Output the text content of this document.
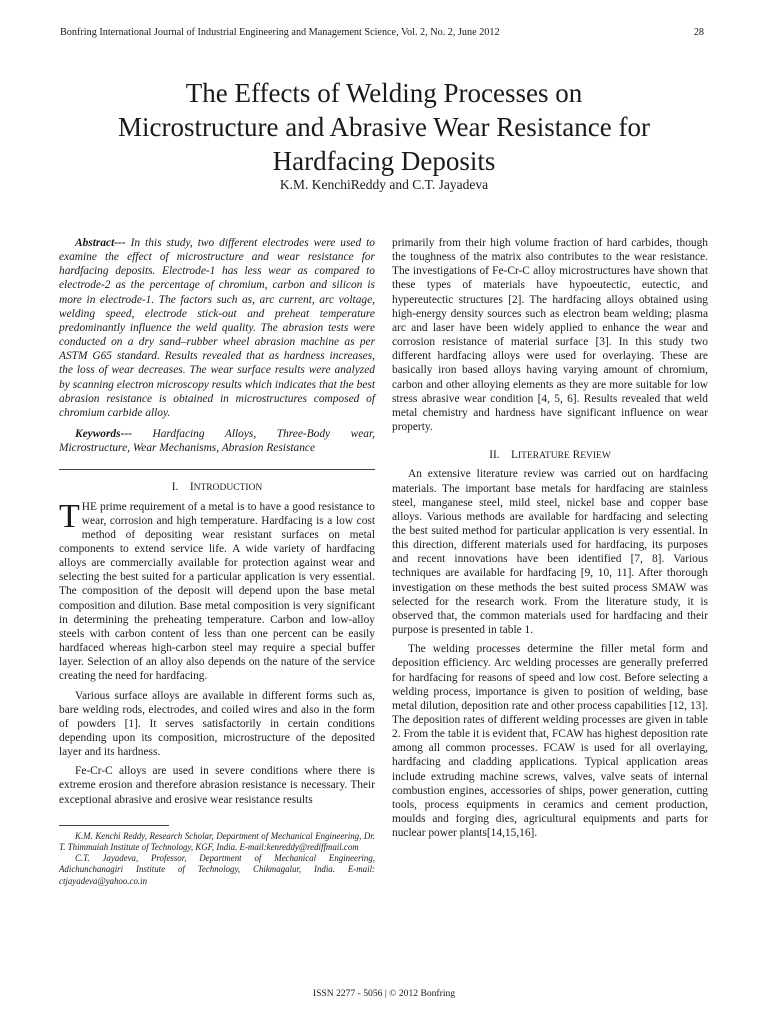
Bonfring International Journal of Industrial Engineering and Management Science, Vol. 2, No. 2, June 2012	28
The Effects of Welding Processes on
Microstructure and Abrasive Wear Resistance for
Hardfacing Deposits
K.M. KenchiReddy and C.T. Jayadeva

Abstract--- In this study, two different electrodes were used to examine the effect of microstructure and wear resistance for hardfacing deposits. Electrode-1 has less wear as compared to electrode-2 as the percentage of chromium, carbon and silicon is more in electrode-1. The factors such as, arc current, arc voltage, welding speed, electrode stick-out and preheat temperature predominantly influence the weld quality. The abrasion tests were conducted on a dry sand–rubber wheel abrasion machine as per ASTM G65 standard. Results revealed that as hardness increases, the loss of wear decreases. The wear surface results were analyzed by scanning electron microscopy results which indicates that the best abrasion resistance is obtained in microstructures composed of chromium carbide alloy.

Keywords--- Hardfacing Alloys, Three-Body wear, Microstructure, Wear Mechanisms, Abrasion Resistance

I. INTRODUCTION

THE prime requirement of a metal is to have a good resistance to wear, corrosion and high temperature. Hardfacing is a low cost method of depositing wear resistant surfaces on metal components to extend service life. A wide variety of hardfacing alloys are commercially available for protection against wear and selecting the best suited for a particular application is very essential. The composition of the deposit will depend upon the base metal composition and dilution. Base metal composition is very significant in determining the preheating temperature. Carbon and low-alloy steels with carbon content of less than one percent can be easily hardfaced whereas high-carbon steel may require a special buffer layer. Selection of an alloy also depends on the nature of the service creating the need for hardfacing.

Various surface alloys are available in different forms such as, bare welding rods, electrodes, and coiled wires and also in the form of powders [1]. It serves satisfactorily in certain conditions depending upon its composition, microstructure of the deposited layer and its hardness.

Fe-Cr-C alloys are used in severe conditions where there is extreme erosion and therefore abrasion resistance is necessary. Their exceptional abrasive and erosive wear resistance results

K.M. Kenchi Reddy, Research Scholar, Department of Mechanical Engineering, Dr. T. Thimmaiah Institute of Technology, KGF, India. E-mail:kenreddy@rediffmail.com

C.T. Jayadeva, Professor, Department of Mechanical Engineering, Adichunchanagiri Institute of Technology, Chikmagalur, India. E-mail: ctjayadeva@yahoo.co.in

primarily from their high volume fraction of hard carbides, though the toughness of the matrix also contributes to the wear resistance. The investigations of Fe-Cr-C alloy microstructures have shown that these types of materials have hypoeutectic, eutectic, and hypereutectic structures [2]. The hardfacing alloys obtained using high-energy density sources such as electron beam welding; plasma arc and laser have been widely applied to enhance the wear and corrosion resistance of material surface [3]. In this study two different hardfacing alloys were used for overlaying. These are basically iron based alloys having varying amount of chromium, carbon and other alloying elements as they are more suitable for low stress abrasive wear condition [4, 5, 6]. Results revealed that weld metal chemistry and hardness have significant influence on wear property.

II. LITERATURE REVIEW

An extensive literature review was carried out on hardfacing materials. The important base metals for hardfacing are stainless steel, manganese steel, mild steel, nickel base and copper base alloys. Various methods are available for hardfacing and selecting the best suited method for particular application is very essential. In this direction, different materials used for hardfacing, its purposes and recent innovations have been identified [7, 8]. Various techniques are available for hardfacing [9, 10, 11]. After thorough investigation on these methods the best suited process SMAW was selected for the research work. From the literature study, it is observed that, the common materials used for hardfacing and their purpose is presented in table 1.

The welding processes determine the filler metal form and deposition efficiency. Arc welding processes are generally preferred for hardfacing for reasons of speed and low cost. Before selecting a welding process, importance is given to position of welding, base metal dilution, deposition rate and other process capabilities [12, 13]. The deposition rates of different welding processes are given in table 2. From the table it is evident that, FCAW has highest deposition rate among all common processes. FCAW is used for all overlaying, hardfacing and cladding applications. Typical application areas include extruding machine screws, valves, valve seats of internal combustion engines, accessories of ships, power generation, cutting tools, process equipments in ceramics and cement production, moulds and forging dies, agricultural equipments and parts for nuclear power plants[14,15,16].

ISSN 2277 - 5056 | © 2012 Bonfring
